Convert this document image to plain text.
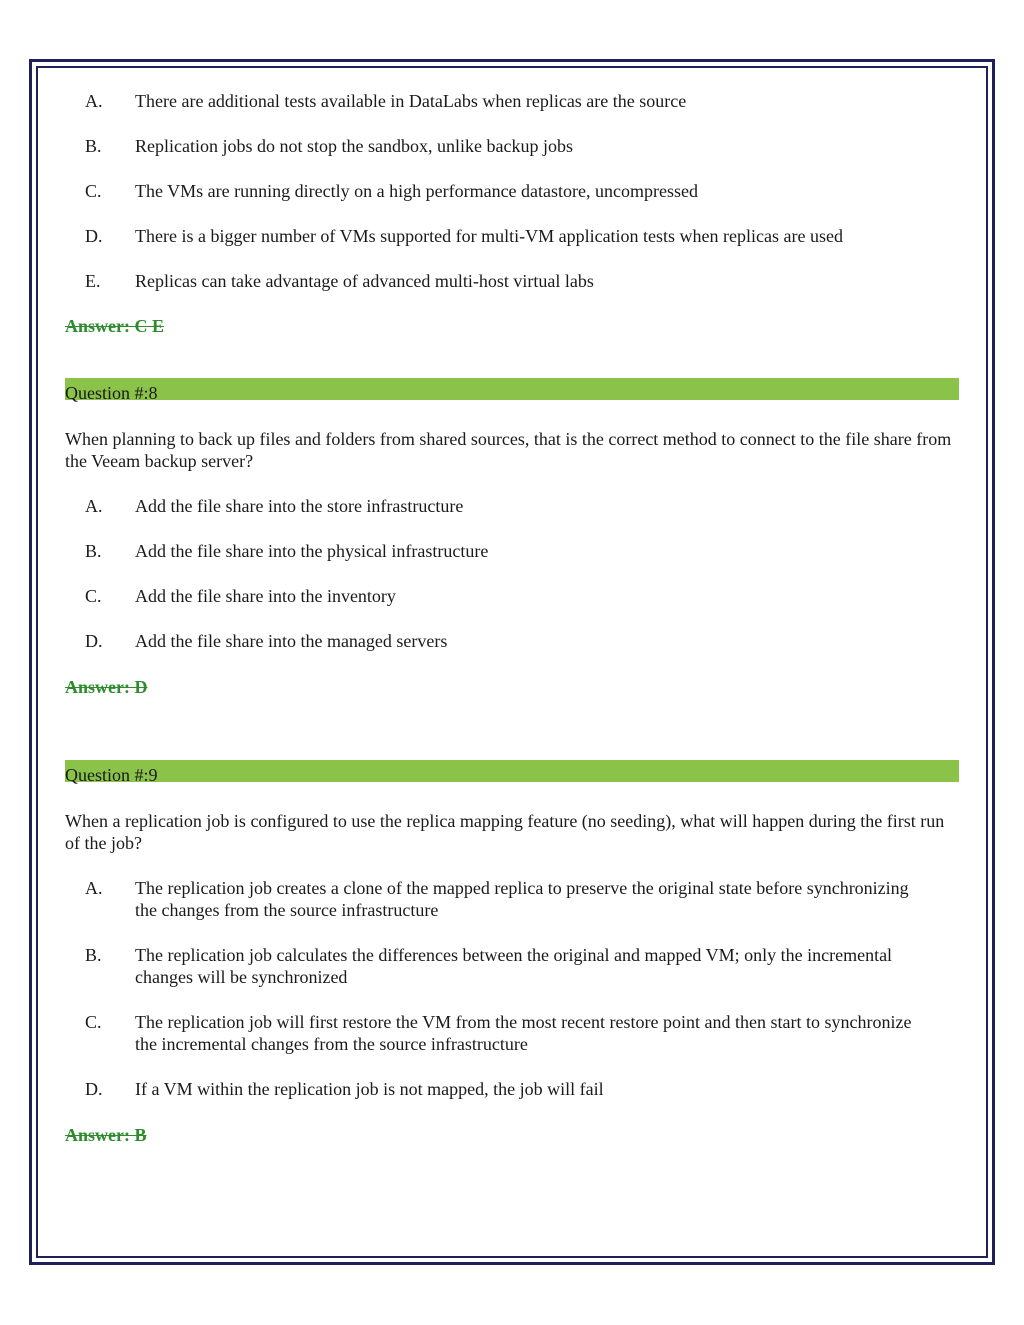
A.	There are additional tests available in DataLabs when replicas are the source
B.	Replication jobs do not stop the sandbox, unlike backup jobs
C.	The VMs are running directly on a high performance datastore, uncompressed
D.	There is a bigger number of VMs supported for multi-VM application tests when replicas are used
E.	Replicas can take advantage of advanced multi-host virtual labs
Answer: C E
Question #:8
When planning to back up files and folders from shared sources, that is the correct method to connect to the file share from the Veeam backup server?
A.	Add the file share into the store infrastructure
B.	Add the file share into the physical infrastructure
C.	Add the file share into the inventory
D.	Add the file share into the managed servers
Answer: D
Question #:9
When a replication job is configured to use the replica mapping feature (no seeding), what will happen during the first run of the job?
A.	The replication job creates a clone of the mapped replica to preserve the original state before synchronizing the changes from the source infrastructure
B.	The replication job calculates the differences between the original and mapped VM; only the incremental changes will be synchronized
C.	The replication job will first restore the VM from the most recent restore point and then start to synchronize the incremental changes from the source infrastructure
D.	If a VM within the replication job is not mapped, the job will fail
Answer: B
